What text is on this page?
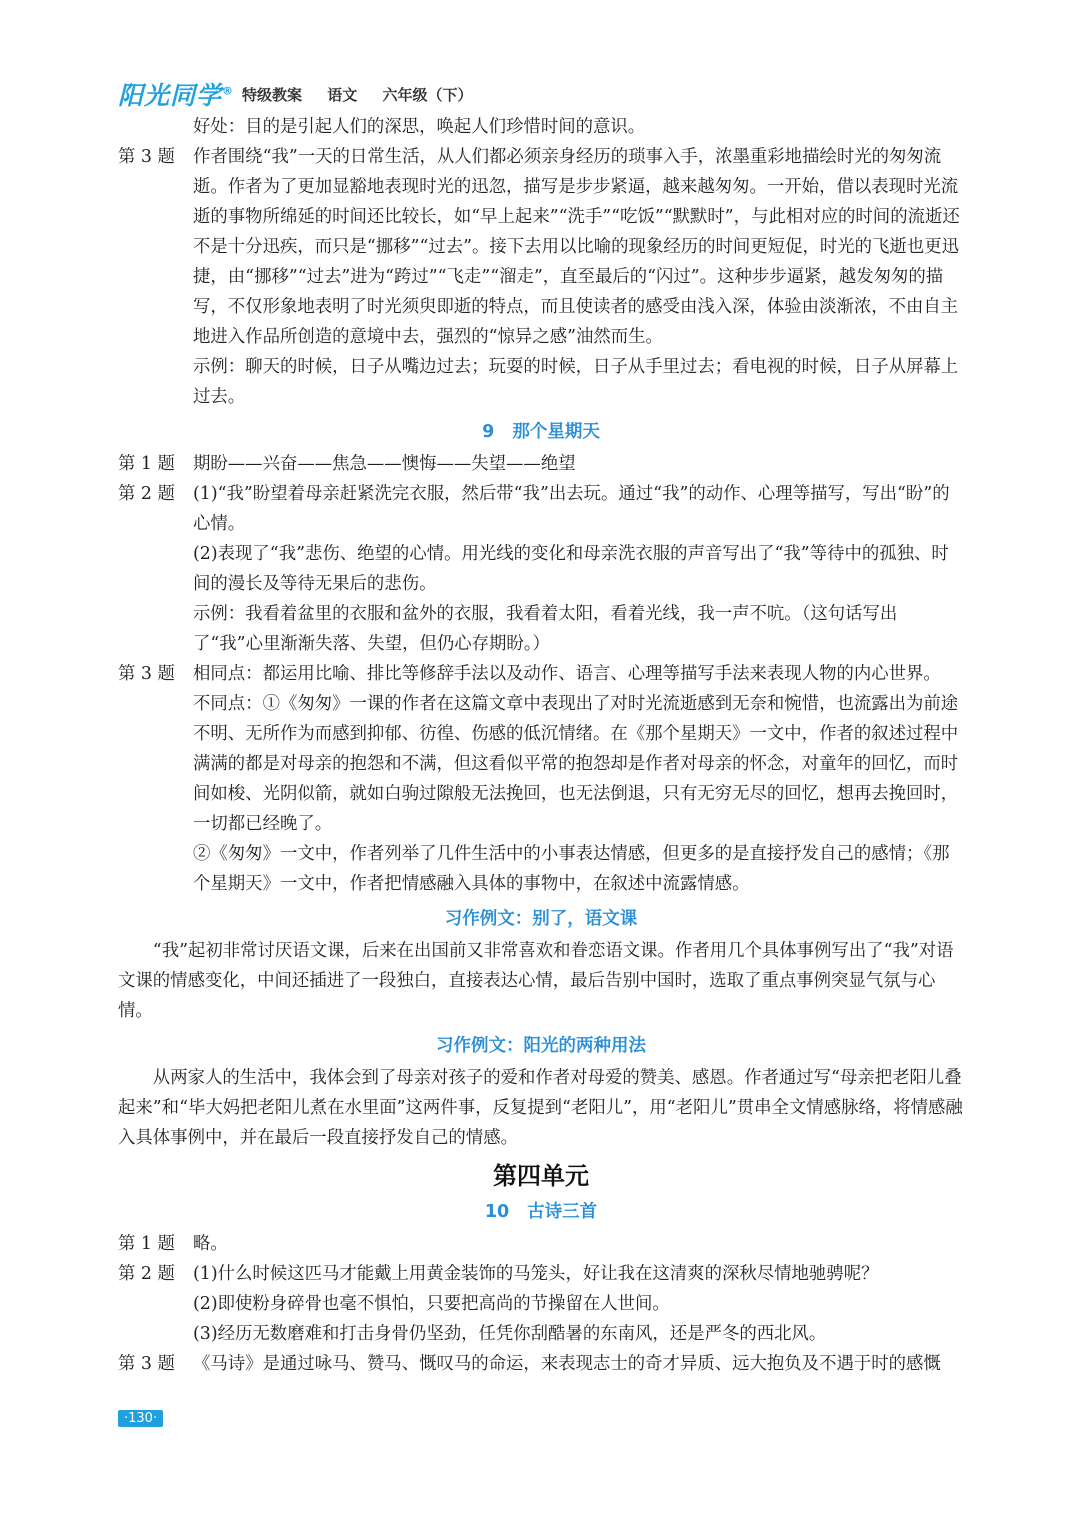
阳光同学® 特级教案 语文 六年级（下）

好处：目的是引起人们的深思，唤起人们珍惜时间的意识。

第 3 题	作者围绕“我”一天的日常生活，从人们都必须亲身经历的琐事入手，浓墨重彩地描绘时光的匆匆流逝。作者为了更加显豁地表现时光的迅忽，描写是步步紧逼，越来越匆匆。一开始，借以表现时光流逝的事物所绵延的时间还比较长，如“早上起来”“洗手”“吃饭”“默默时”，与此相对应的时间的流逝还不是十分迅疾，而只是“挪移”“过去”。接下去用以比喻的现象经历的时间更短促，时光的飞逝也更迅捷，由“挪移”“过去”进为“跨过”“飞走”“溜走”，直至最后的“闪过”。这种步步逼紧，越发匆匆的描写，不仅形象地表明了时光须臾即逝的特点，而且使读者的感受由浅入深，体验由淡渐浓，不由自主地进入作品所创造的意境中去，强烈的“惊异之感”油然而生。

示例：聊天的时候，日子从嘴边过去；玩耍的时候，日子从手里过去；看电视的时候，日子从屏幕上过去。

9 那个星期天
第 1 题	期盼——兴奋——焦急——懊悔——失望——绝望

第 2 题	(1)“我”盼望着母亲赶紧洗完衣服，然后带“我”出去玩。通过“我”的动作、心理等描写，写出“盼”的心情。

(2)表现了“我”悲伤、绝望的心情。用光线的变化和母亲洗衣服的声音写出了“我”等待中的孤独、时间的漫长及等待无果后的悲伤。

示例：我看着盆里的衣服和盆外的衣服，我看着太阳，看着光线，我一声不吭。（这句话写出了“我”心里渐渐失落、失望，但仍心存期盼。）

第 3 题	相同点：都运用比喻、排比等修辞手法以及动作、语言、心理等描写手法来表现人物的内心世界。

不同点：①《匆匆》一课的作者在这篇文章中表现出了对时光流逝感到无奈和惋惜，也流露出为前途不明、无所作为而感到抑郁、彷徨、伤感的低沉情绪。在《那个星期天》一文中，作者的叙述过程中满满的都是对母亲的抱怨和不满，但这看似平常的抱怨却是作者对母亲的怀念，对童年的回忆，而时间如梭、光阴似箭，就如白驹过隙般无法挽回，也无法倒退，只有无穷无尽的回忆，想再去挽回时，一切都已经晚了。

②《匆匆》一文中，作者列举了几件生活中的小事表达情感，但更多的是直接抒发自己的感情；《那个星期天》一文中，作者把情感融入具体的事物中，在叙述中流露情感。

习作例文：别了，语文课

“我”起初非常讨厌语文课，后来在出国前又非常喜欢和眷恋语文课。作者用几个具体事例写出了“我”对语文课的情感变化，中间还插进了一段独白，直接表达心情，最后告别中国时，选取了重点事例突显气氛与心情。

习作例文：阳光的两种用法

从两家人的生活中，我体会到了母亲对孩子的爱和作者对母爱的赞美、感恩。作者通过写“母亲把老阳儿叠起来”和“毕大妈把老阳儿煮在水里面”这两件事，反复提到“老阳儿”，用“老阳儿”贯串全文情感脉络，将情感融入具体事例中，并在最后一段直接抒发自己的情感。

第四单元
10 古诗三首
第 1 题	略。

第 2 题	(1)什么时候这匹马才能戴上用黄金装饰的马笼头，好让我在这清爽的深秋尽情地驰骋呢？

(2)即使粉身碎骨也毫不惧怕，只要把高尚的节操留在人世间。

(3)经历无数磨难和打击身骨仍坚劲，任凭你刮酷暑的东南风，还是严冬的西北风。

第 3 题	《马诗》是通过咏马、赞马、慨叹马的命运，来表现志士的奇才异质、远大抱负及不遇于时的感慨

·130·
